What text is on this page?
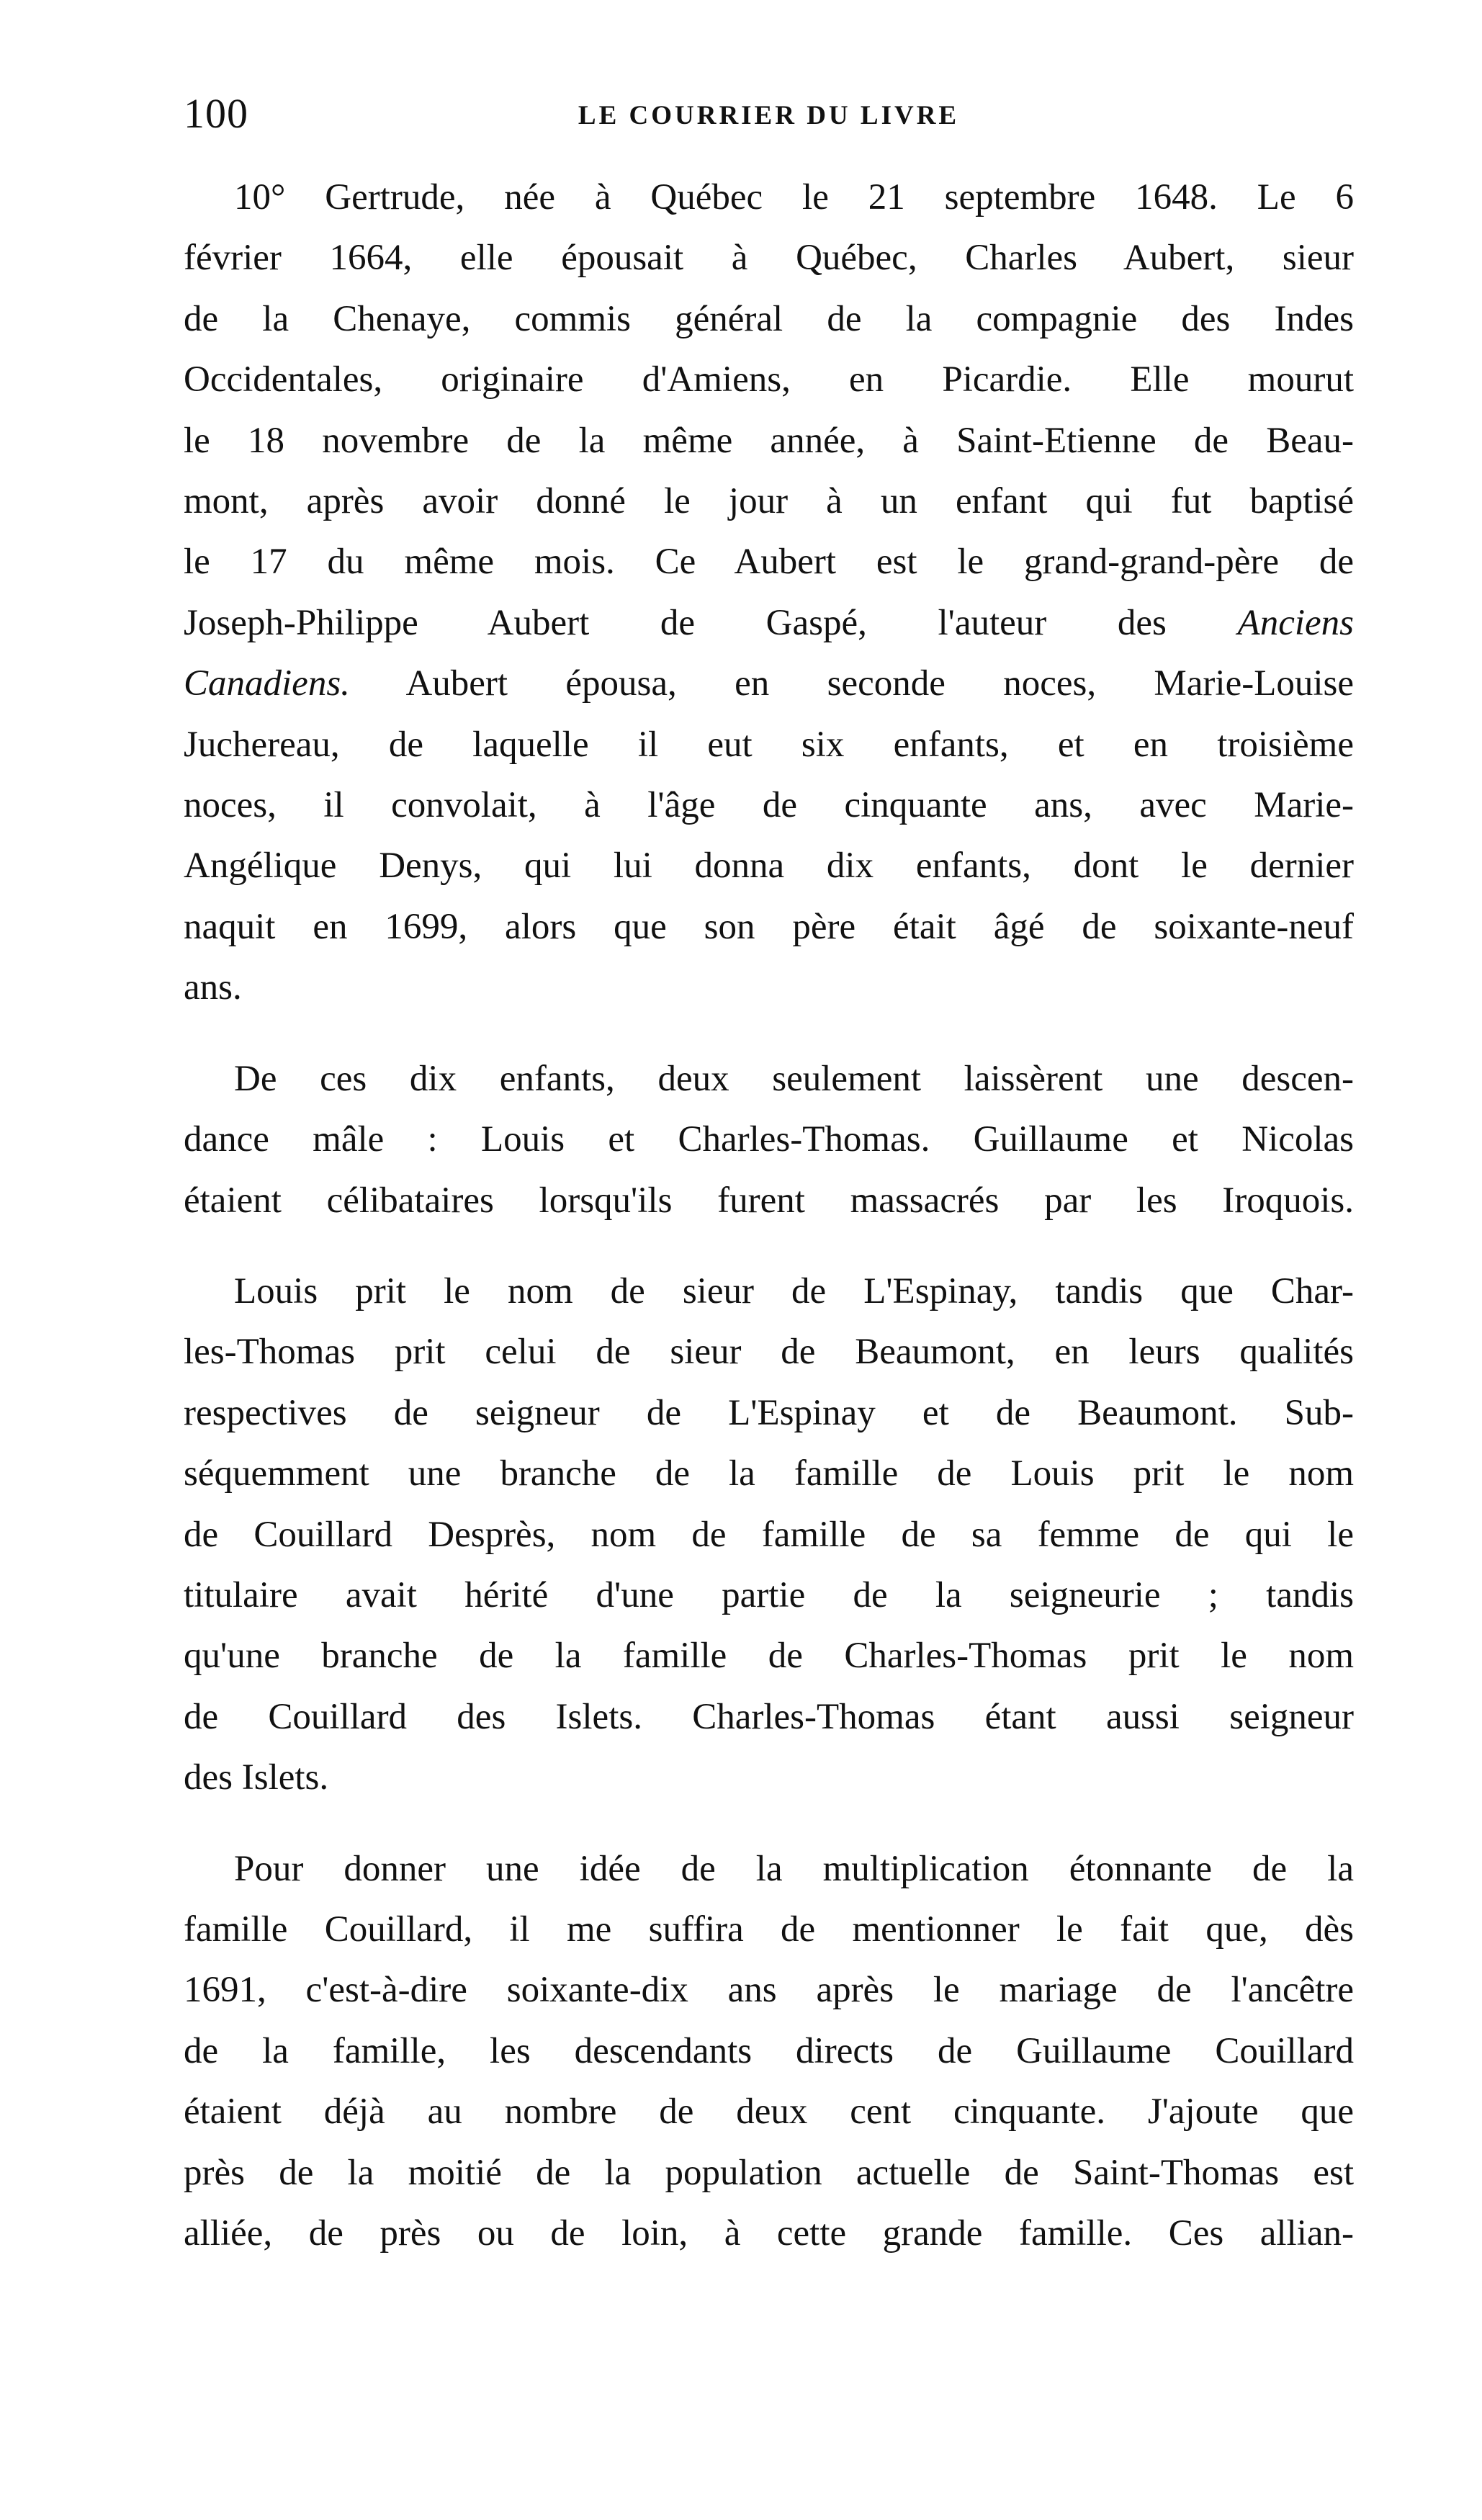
100	LE COURRIER DU LIVRE

10° Gertrude, née à Québec le 21 septembre 1648. Le 6
février 1664, elle épousait à Québec, Charles Aubert, sieur
de la Chenaye, commis général de la compagnie des Indes
Occidentales, originaire d'Amiens, en Picardie. Elle mourut
le 18 novembre de la même année, à Saint-Etienne de Beau-
mont, après avoir donné le jour à un enfant qui fut baptisé
le 17 du même mois. Ce Aubert est le grand-grand-père de
Joseph-Philippe Aubert de Gaspé, l'auteur des Anciens
Canadiens. Aubert épousa, en seconde noces, Marie-Louise
Juchereau, de laquelle il eut six enfants, et en troisième
noces, il convolait, à l'âge de cinquante ans, avec Marie-
Angélique Denys, qui lui donna dix enfants, dont le dernier
naquit en 1699, alors que son père était âgé de soixante-neuf
ans.

De ces dix enfants, deux seulement laissèrent une descen-
dance mâle : Louis et Charles-Thomas. Guillaume et Nicolas
étaient célibataires lorsqu'ils furent massacrés par les Iroquois.

Louis prit le nom de sieur de L'Espinay, tandis que Char-
les-Thomas prit celui de sieur de Beaumont, en leurs qualités
respectives de seigneur de L'Espinay et de Beaumont. Sub-
séquemment une branche de la famille de Louis prit le nom
de Couillard Desprès, nom de famille de sa femme de qui le
titulaire avait hérité d'une partie de la seigneurie ; tandis
qu'une branche de la famille de Charles-Thomas prit le nom
de Couillard des Islets. Charles-Thomas étant aussi seigneur
des Islets.

Pour donner une idée de la multiplication étonnante de la
famille Couillard, il me suffira de mentionner le fait que, dès
1691, c'est-à-dire soixante-dix ans après le mariage de l'ancêtre
de la famille, les descendants directs de Guillaume Couillard
étaient déjà au nombre de deux cent cinquante. J'ajoute que
près de la moitié de la population actuelle de Saint-Thomas est
alliée, de près ou de loin, à cette grande famille. Ces allian-
